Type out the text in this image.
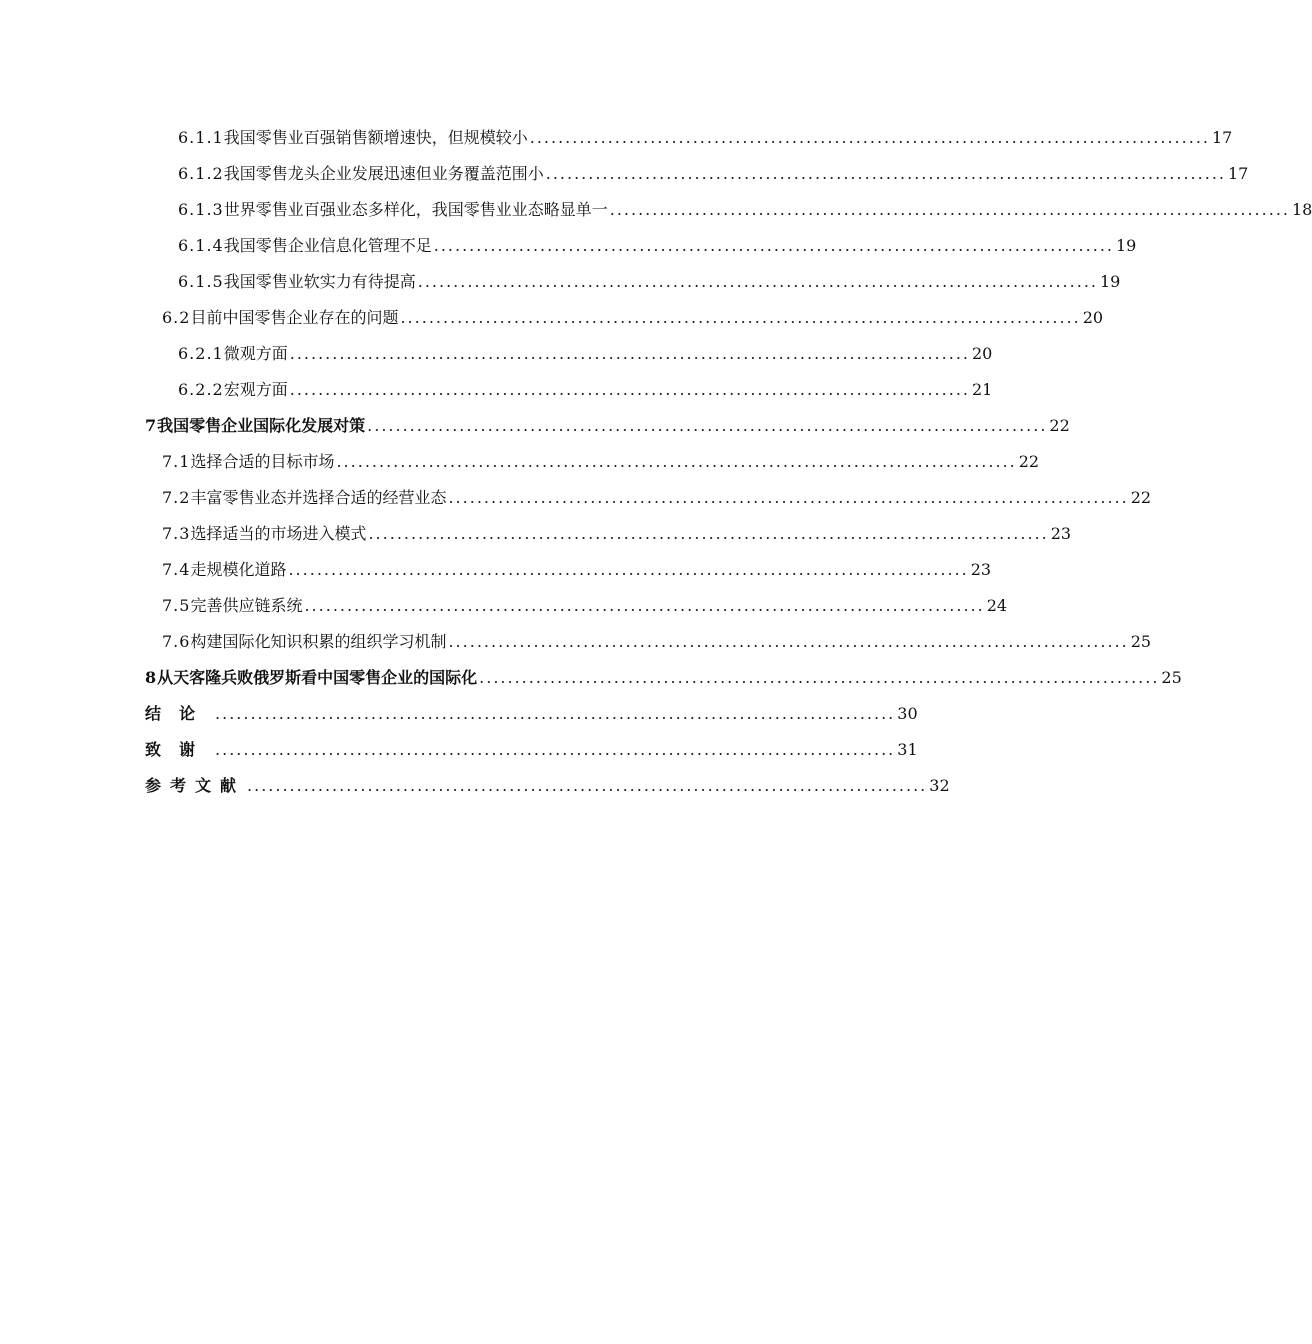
6.1.1 我国零售业百强销售额增速快，但规模较小 ................................................................................................ 17
6.1.2 我国零售龙头企业发展迅速但业务覆盖范围小 ................................................................................................ 17
6.1.3 世界零售业百强业态多样化，我国零售业业态略显单一 ................................................................................................ 18
6.1.4 我国零售企业信息化管理不足 ................................................................................................ 19
6.1.5 我国零售业软实力有待提高 ................................................................................................ 19
6.2 目前中国零售企业存在的问题 ................................................................................................ 20
6.2.1 微观方面 ................................................................................................ 20
6.2.2 宏观方面 ................................................................................................ 21
7 我国零售企业国际化发展对策 ................................................................................................ 22
7.1 选择合适的目标市场 ................................................................................................ 22
7.2 丰富零售业态并选择合适的经营业态 ................................................................................................ 22
7.3 选择适当的市场进入模式 ................................................................................................ 23
7.4 走规模化道路 ................................................................................................ 23
7.5 完善供应链系统 ................................................................................................ 24
7.6 构建国际化知识积累的组织学习机制 ................................................................................................ 25
8 从天客隆兵败俄罗斯看中国零售企业的国际化 ................................................................................................ 25
结论 ................................................................................................ 30
致谢 ................................................................................................ 31
参考文献 ................................................................................................ 32
